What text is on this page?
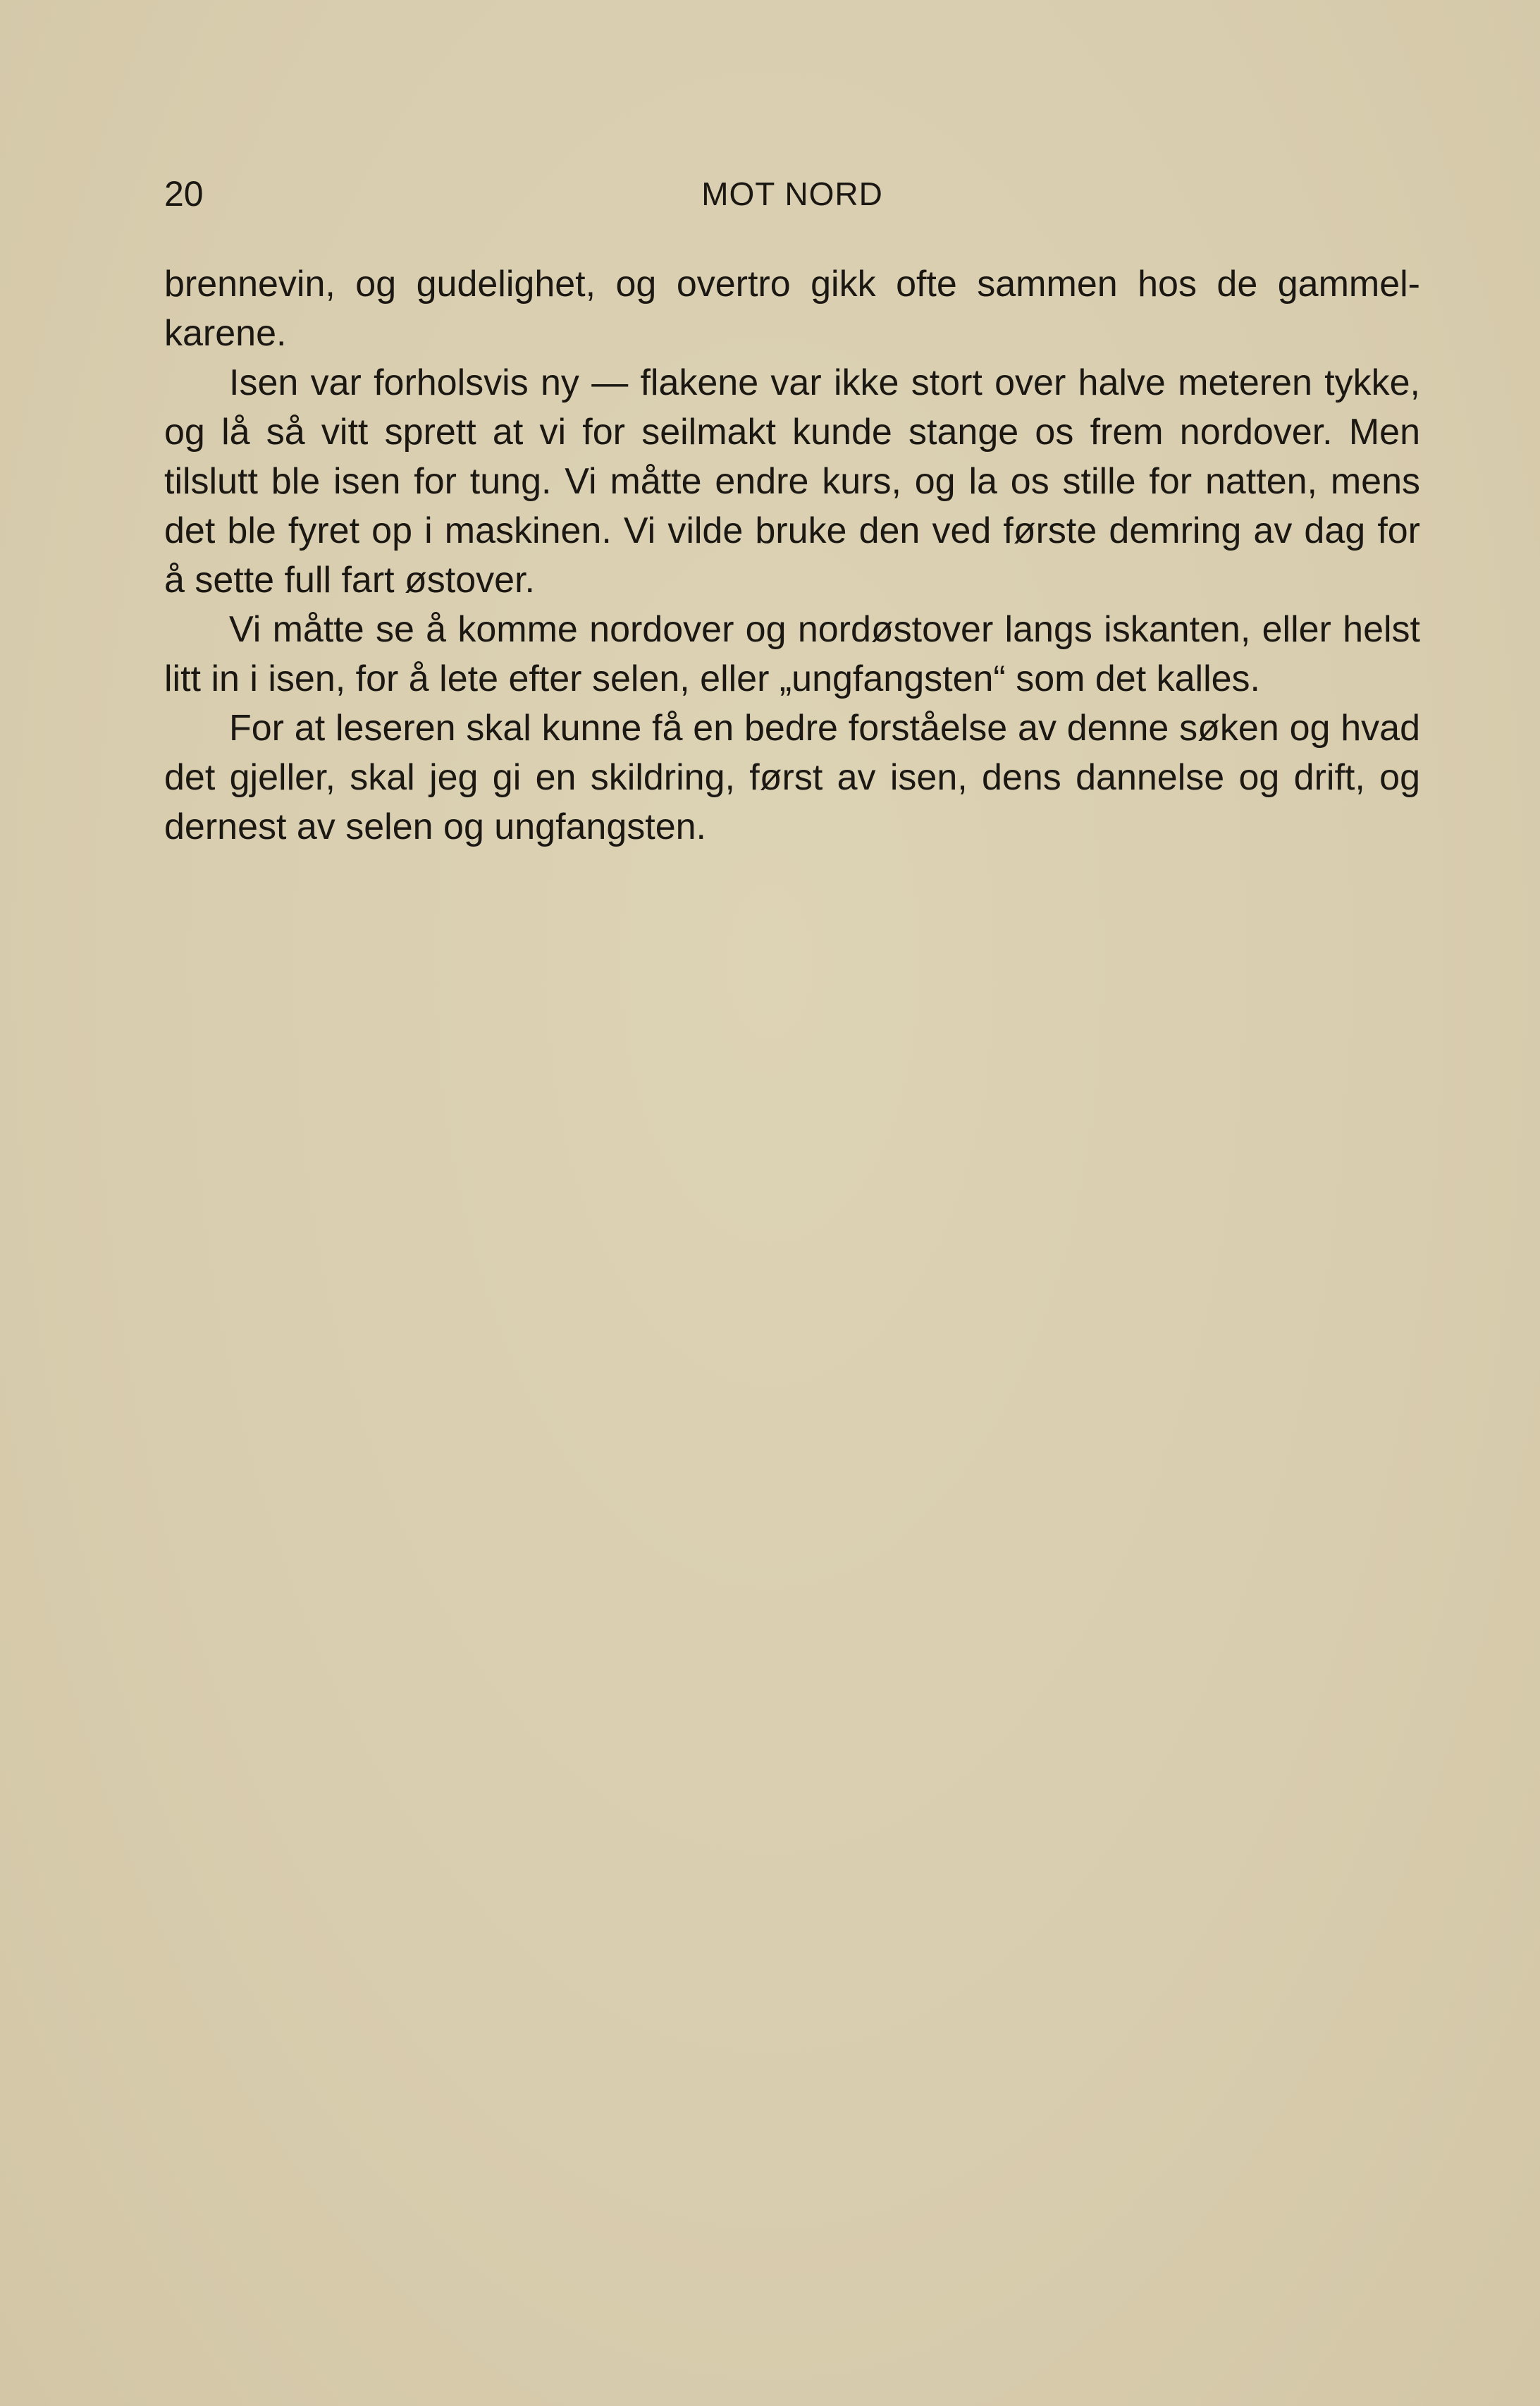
20	MOT NORD

brennevin, og gudelighet, og overtro gikk ofte sammen hos de gammel-karene.

Isen var forholsvis ny — flakene var ikke stort over halve meteren tykke, og lå så vitt sprett at vi for seilmakt kunde stange os frem nordover. Men tilslutt ble isen for tung. Vi måtte endre kurs, og la os stille for natten, mens det ble fyret op i maskinen. Vi vilde bruke den ved første demring av dag for å sette full fart østover.

Vi måtte se å komme nordover og nordøstover langs iskanten, eller helst litt in i isen, for å lete efter selen, eller „ungfangsten“ som det kalles.

For at leseren skal kunne få en bedre forståelse av denne søken og hvad det gjeller, skal jeg gi en skildring, først av isen, dens dannelse og drift, og dernest av selen og ungfangsten.
